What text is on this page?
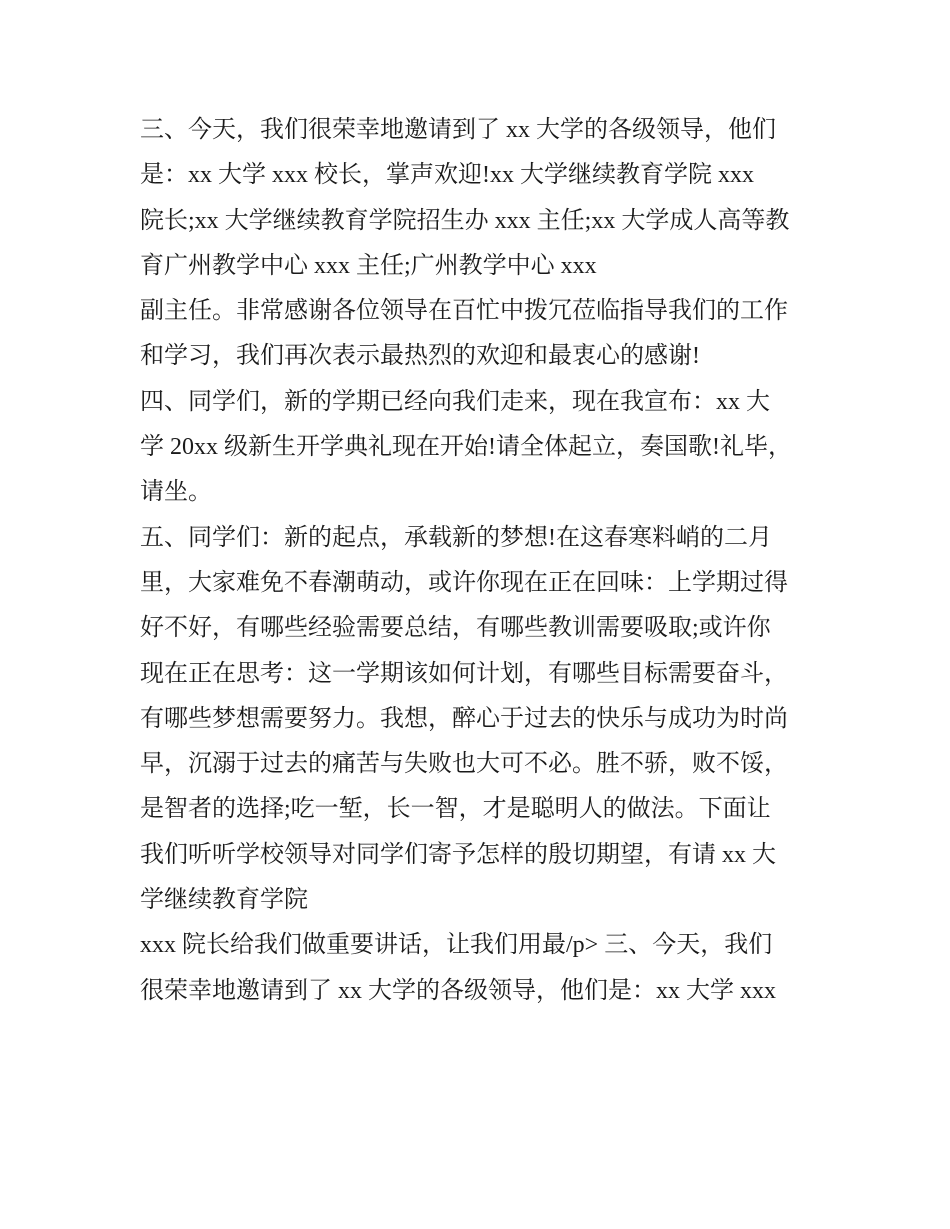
三、今天，我们很荣幸地邀请到了 xx 大学的各级领导，他们
是：xx 大学 xxx 校长，掌声欢迎!xx 大学继续教育学院 xxx
院长;xx 大学继续教育学院招生办 xxx 主任;xx 大学成人高等教
育广州教学中心 xxx 主任;广州教学中心 xxx
副主任。非常感谢各位领导在百忙中拨冗莅临指导我们的工作
和学习，我们再次表示最热烈的欢迎和最衷心的感谢!
四、同学们，新的学期已经向我们走来，现在我宣布：xx 大
学 20xx 级新生开学典礼现在开始!请全体起立，奏国歌!礼毕，
请坐。
五、同学们：新的起点，承载新的梦想!在这春寒料峭的二月
里，大家难免不春潮萌动，或许你现在正在回味：上学期过得
好不好，有哪些经验需要总结，有哪些教训需要吸取;或许你
现在正在思考：这一学期该如何计划，有哪些目标需要奋斗，
有哪些梦想需要努力。我想，醉心于过去的快乐与成功为时尚
早，沉溺于过去的痛苦与失败也大可不必。胜不骄，败不馁，
是智者的选择;吃一堑，长一智，才是聪明人的做法。下面让
我们听听学校领导对同学们寄予怎样的殷切期望，有请 xx 大
学继续教育学院
xxx 院长给我们做重要讲话，让我们用最/p> 三、今天，我们
很荣幸地邀请到了 xx 大学的各级领导，他们是：xx 大学 xxx
